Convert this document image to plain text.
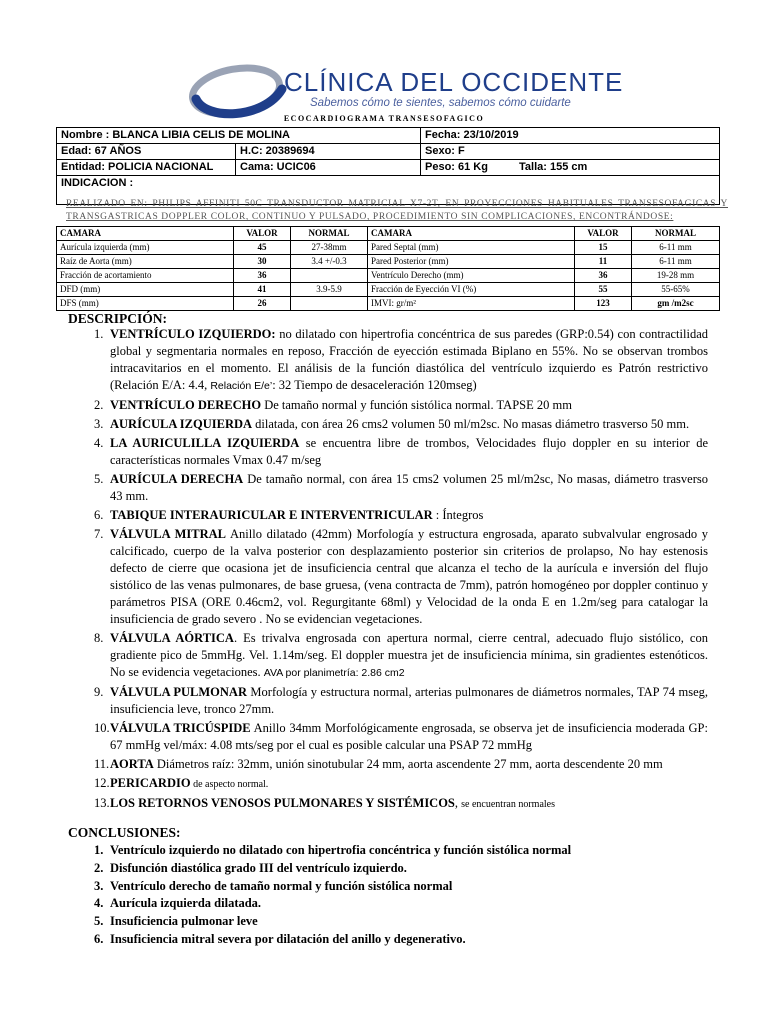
CLÍNICA DEL OCCIDENTE
Sabemos cómo te sientes, sabemos cómo cuidarte
ECOCARDIOGRAMA TRANSESOFAGICO
Nombre : BLANCA LIBIA CELIS DE MOLINA		Fecha: 23/10/2019	
Edad: 67 AÑOS	H.C: 20389694	Sexo: F	
Entidad: POLICIA NACIONAL	Cama: UCIC06	Peso: 61 Kg	Talla: 155 cm
INDICACION :			
REALIZADO EN: PHILIPS AFFINITI 50C TRANSDUCTOR MATRICIAL X7-2T, EN PROYECCIONES HABITUALES TRANSESOFAGICAS Y TRANSGASTRICAS DOPPLER COLOR, CONTINUO Y PULSADO, PROCEDIMIENTO SIN COMPLICACIONES, ENCONTRÁNDOSE:
CAMARA	VALOR	NORMAL	CAMARA	VALOR	NORMAL
Aurícula izquierda (mm)	45	27-38mm	Pared Septal (mm)	15	6-11 mm
Raíz de Aorta (mm)	30	3.4 +/-0.3	Pared Posterior (mm)	11	6-11 mm
Fracción de acortamiento	36		Ventrículo Derecho (mm)	36	19-28 mm
DFD (mm)	41	3.9-5.9	Fracción de Eyección VI (%)	55	55-65%
DFS (mm)	26		IMVI: gr/m²	123	gm /m2sc
DESCRIPCIÓN:
1. VENTRÍCULO IZQUIERDO: no dilatado con hipertrofia concéntrica de sus paredes (GRP:0.54) con contractilidad global y segmentaria normales en reposo, Fracción de eyección estimada Biplano en 55%. No se observan trombos intracavitarios en el momento. El análisis de la función diastólica del ventrículo izquierdo es Patrón restrictivo (Relación E/A: 4.4, Relación E/e’: 32 Tiempo de desaceleración 120mseg)
2. VENTRÍCULO DERECHO De tamaño normal y función sistólica normal. TAPSE 20 mm
3. AURÍCULA IZQUIERDA dilatada, con área 26 cms2 volumen 50 ml/m2sc. No masas diámetro trasverso 50 mm.
4. LA AURICULILLA IZQUIERDA se encuentra libre de trombos, Velocidades flujo doppler en su interior de características normales Vmax 0.47 m/seg
5. AURÍCULA DERECHA De tamaño normal, con área 15 cms2 volumen 25 ml/m2sc, No masas, diámetro trasverso 43 mm.
6. TABIQUE INTERAURICULAR E INTERVENTRICULAR : Íntegros
7. VÁLVULA MITRAL Anillo dilatado (42mm) Morfología y estructura engrosada, aparato subvalvular engrosado y calcificado, cuerpo de la valva posterior con desplazamiento posterior sin criterios de prolapso, No hay estenosis defecto de cierre que ocasiona jet de insuficiencia central que alcanza el techo de la aurícula e inversión del flujo sistólico de las venas pulmonares, de base gruesa, (vena contracta de 7mm), patrón homogéneo por doppler continuo y parámetros PISA (ORE 0.46cm2, vol. Regurgitante 68ml) y Velocidad de la onda E en 1.2m/seg para catalogar la insuficiencia de grado severo . No se evidencian vegetaciones.
8. VÁLVULA AÓRTICA. Es trivalva engrosada con apertura normal, cierre central, adecuado flujo sistólico, con gradiente pico de 5mmHg. Vel. 1.14m/seg. El doppler muestra jet de insuficiencia mínima, sin gradientes estenóticos. No se evidencia vegetaciones. AVA por planimetría: 2.86 cm2
9. VÁLVULA PULMONAR Morfología y estructura normal, arterias pulmonares de diámetros normales, TAP 74 mseg, insuficiencia leve, tronco 27mm.
10. VÁLVULA TRICÚSPIDE Anillo 34mm Morfológicamente engrosada, se observa jet de insuficiencia moderada GP: 67 mmHg vel/máx: 4.08 mts/seg por el cual es posible calcular una PSAP 72 mmHg
11. AORTA Diámetros raíz: 32mm, unión sinotubular 24 mm, aorta ascendente 27 mm, aorta descendente 20 mm
12. PERICARDIO de aspecto normal.
13. LOS RETORNOS VENOSOS PULMONARES Y SISTÉMICOS, se encuentran normales
CONCLUSIONES:
1. Ventrículo izquierdo no dilatado con hipertrofia concéntrica y función sistólica normal
2. Disfunción diastólica grado III del ventrículo izquierdo.
3. Ventrículo derecho de tamaño normal y función sistólica normal
4. Aurícula izquierda dilatada.
5. Insuficiencia pulmonar leve
6. Insuficiencia mitral severa por dilatación del anillo y degenerativo.
